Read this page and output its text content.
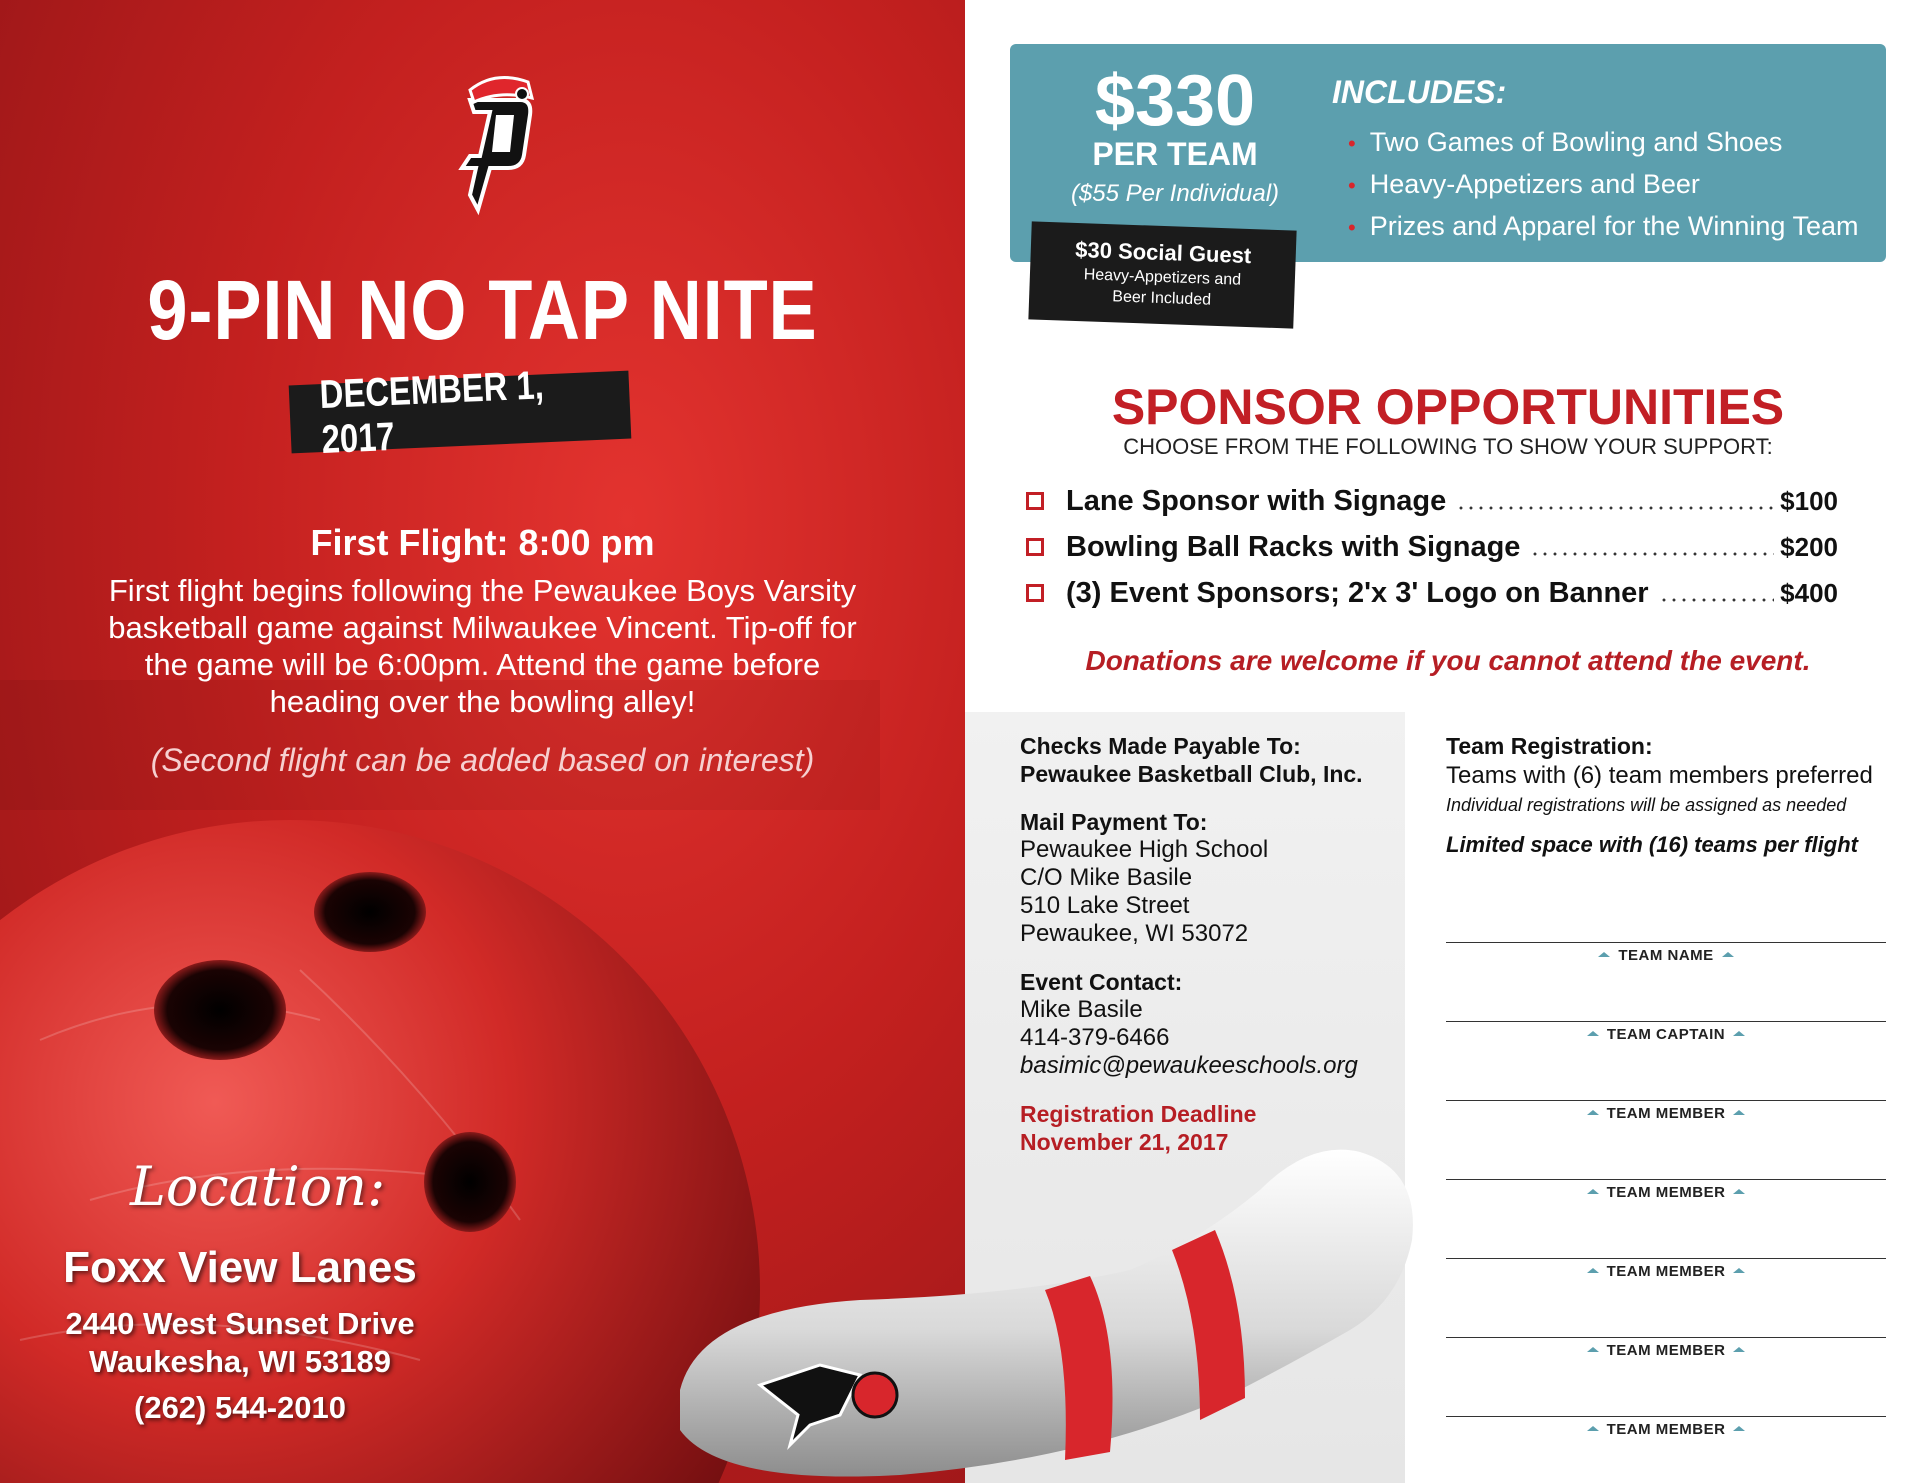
9-PIN NO TAP NITE
DECEMBER 1, 2017
First Flight: 8:00 pm
First flight begins following the Pewaukee Boys Varsity basketball game against Milwaukee Vincent. Tip-off for the game will be 6:00pm. Attend the game before heading over the bowling alley!
(Second flight can be added based on interest)
Location:
Foxx View Lanes
2440 West Sunset Drive
Waukesha, WI 53189
(262) 544-2010
$330
PER TEAM
($55 Per Individual)
INCLUDES:
• Two Games of Bowling and Shoes
• Heavy-Appetizers and Beer
• Prizes and Apparel for the Winning Team
$30 Social Guest
Heavy-Appetizers and
Beer Included
SPONSOR OPPORTUNITIES
CHOOSE FROM THE FOLLOWING TO SHOW YOUR SUPPORT:
Lane Sponsor with Signage	$100
Bowling Ball Racks with Signage	$200
(3) Event Sponsors; 2'x 3' Logo on Banner	$400
Donations are welcome if you cannot attend the event.
Checks Made Payable To:
Pewaukee Basketball Club, Inc.
Mail Payment To:
Pewaukee High School
C/O Mike Basile
510 Lake Street
Pewaukee, WI 53072
Event Contact:
Mike Basile
414-379-6466
basimic@pewaukeeschools.org
Registration Deadline
November 21, 2017
Team Registration:
Teams with (6) team members preferred
Individual registrations will be assigned as needed
Limited space with (16) teams per flight
TEAM NAME
TEAM CAPTAIN
TEAM MEMBER
TEAM MEMBER
TEAM MEMBER
TEAM MEMBER
TEAM MEMBER
